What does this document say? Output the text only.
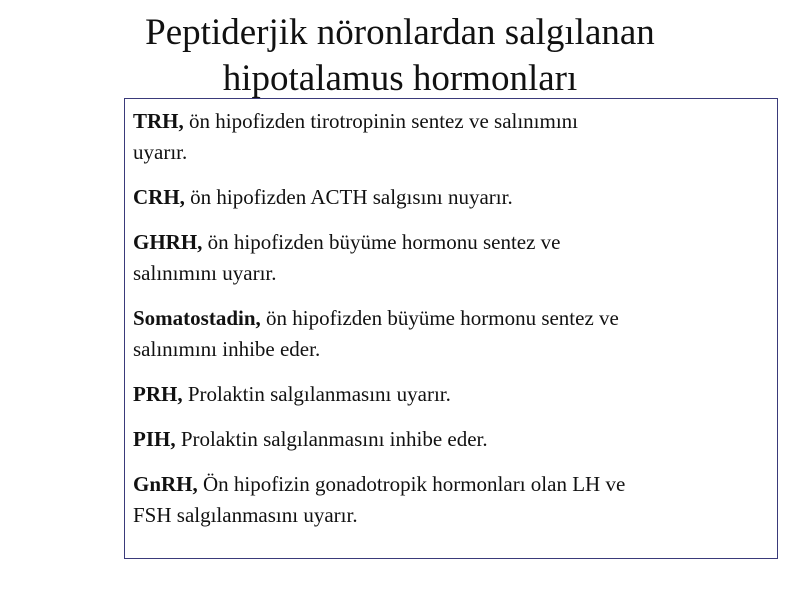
Peptiderjik nöronlardan salgılanan
hipotalamus hormonları

TRH, ön hipofizden tirotropinin sentez ve salınımını
uyarır.

CRH, ön hipofizden ACTH salgısını nuyarır.

GHRH, ön hipofizden büyüme hormonu sentez ve
salınımını uyarır.

Somatostadin, ön hipofizden büyüme hormonu sentez ve
salınımını inhibe eder.

PRH, Prolaktin salgılanmasını uyarır.

PIH, Prolaktin salgılanmasını inhibe eder.

GnRH, Ön hipofizin gonadotropik hormonları olan LH ve
FSH salgılanmasını uyarır.
